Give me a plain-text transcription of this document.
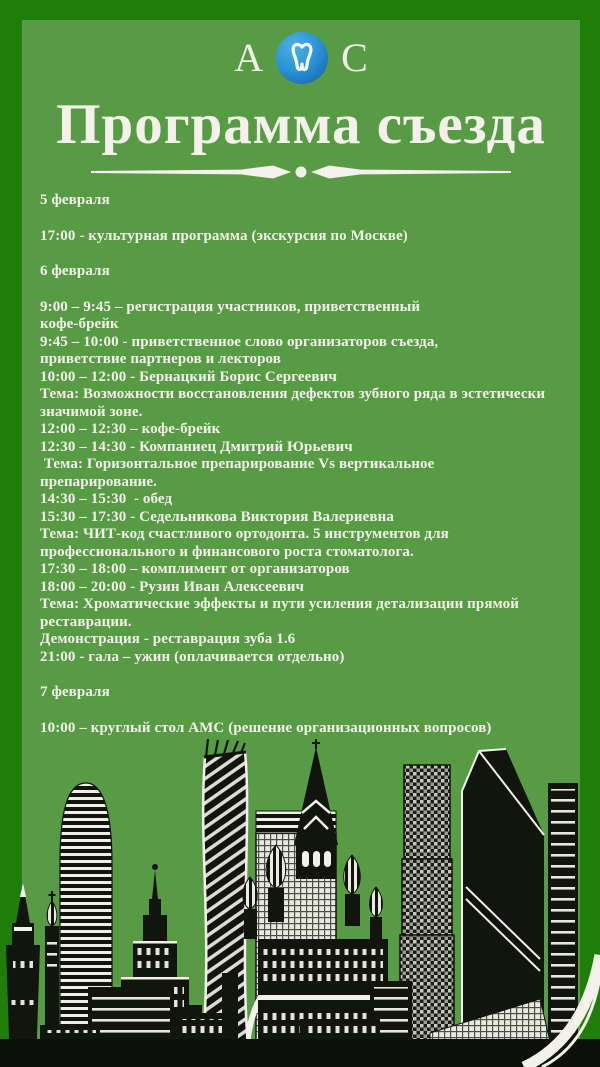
А С
Программа съезда
5 февраля
17:00 - культурная программа (экскурсия по Москве)
6 февраля
9:00 – 9:45 – регистрация участников, приветственный
кофе-брейк
9:45 – 10:00 - приветственное слово организаторов съезда,
приветствие партнеров и лекторов
10:00 – 12:00 - Бернацкий Борис Сергеевич
Тема: Возможности восстановления дефектов зубного ряда в эстетически
значимой зоне.
12:00 – 12:30 – кофе-брейк
12:30 – 14:30 - Компаниец Дмитрий Юрьевич
Тема: Горизонтальное препарирование Vs вертикальное
препарирование.
14:30 – 15:30  - обед
15:30 – 17:30 - Седельникова Виктория Валериевна
Тема: ЧИТ-код счастливого ортодонта. 5 инструментов для
профессионального и финансового роста стоматолога.
17:30 – 18:00 – комплимент от организаторов
18:00 – 20:00 - Рузин Иван Алексеевич
Тема: Хроматические эффекты и пути усиления детализации прямой
реставрации.
Демонстрация - реставрация зуба 1.6
21:00 - гала – ужин (оплачивается отдельно)
7 февраля
10:00 – круглый стол АМС (решение организационных вопросов)
